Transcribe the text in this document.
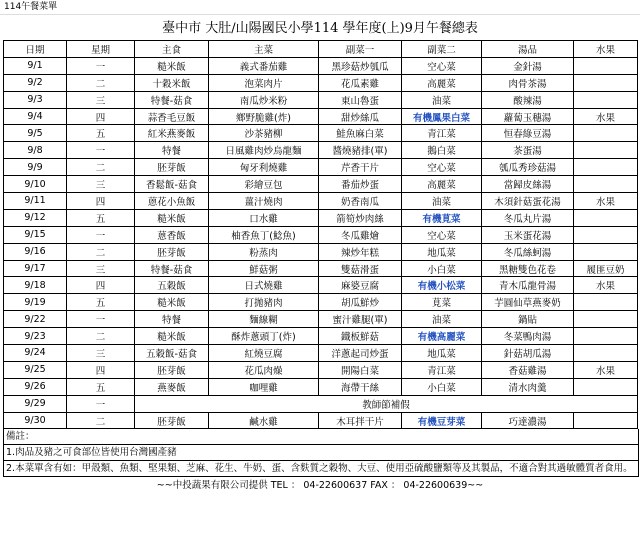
114午餐菜單
臺中市 大肚/山陽國民小學114 學年度(上)9月午餐總表
日期	星期	主食	主菜	副菜一	副菜二	湯品	水果
9/1	一	糙米飯	義式番茄雞	黑珍菇炒瓠瓜	空心菜	金針湯	
9/2	二	十穀米飯	泡菜肉片	花瓜素雞	高麗菜	肉骨茶湯	
9/3	三	特餐-菇食	南瓜炒米粉	東山魯蛋	油菜	酸辣湯	
9/4	四	蒜香毛豆飯	鄉野脆雞(炸)	甜炒絲瓜	有機鳳果白菜	蘿蔔玉穗湯	水果
9/5	五	紅米燕麥飯	沙茶豬柳	鮭魚麻白菜	青江菜	恒春綠豆湯	
9/8	一	特餐	日風雞肉炒烏龍麵	醬燒豬排(單)	鵝白菜	茶蛋湯	
9/9	二	胚芽飯	匈牙利燒雞	芹香干片	空心菜	瓠瓜秀珍菇湯	
9/10	三	香鬆飯-菇食	彩繪豆包	番茄炒蛋	高麗菜	當歸皮絲湯	
9/11	四	蒽花小魚飯	薑汁燒肉	奶香南瓜	油菜	木須針菇蛋花湯	水果
9/12	五	糙米飯	口水雞	箭筍炒肉絲	有機莧菜	冬瓜丸片湯	
9/15	一	蒽香飯	柚香魚丁(鯰魚)	冬瓜雞燴	空心菜	玉米蛋花湯	
9/16	二	胚芽飯	粉蒸肉	辣炒年糕	地瓜菜	冬瓜絲蚵湯	
9/17	三	特餐-菇食	鮮菇粥	雙菇滑蛋	小白菜	黑糖雙色花卷	履匪豆奶
9/18	四	五穀飯	日式燒雞	麻婆豆腐	有機小松菜	青木瓜龍骨湯	水果
9/19	五	糙米飯	打拋豬肉	胡瓜鮮炒	莧菜	芋圓仙草燕麥奶	
9/22	一	特餐	麵線糊	蜜汁雞腿(單)	油菜	鍋貼	
9/23	二	糙米飯	酥炸蔥頭丁(炸)	鐵板鮮菇	有機高麗菜	冬菜鴨肉湯	
9/24	三	五穀飯-菇食	紅燒豆腐	洋蔥起司炒蛋	地瓜菜	針菇胡瓜湯	
9/25	四	胚芽飯	花瓜肉燥	開陽白菜	青江菜	香菇雞湯	水果
9/26	五	燕麥飯	咖哩雞	海帶干絲	小白菜	清水肉羹	
9/29	一	教師節補假					
9/30	二	胚芽飯	鹹水雞	木耳拌干片	有機豆芽菜	巧達濃湯	
備註：
1.肉品及豬之可食部位皆使用台灣國產豬
2.本菜單含有如：甲殼類、魚類、堅果類、芝麻、花生、牛奶、蛋、含麩質之穀物、大豆、使用亞硫酸鹽類等及其製品，不適合對其過敏體質者食用。
~~中投蔬果有限公司提供 TEL ： 04-22600637 FAX ： 04-22600639~~
